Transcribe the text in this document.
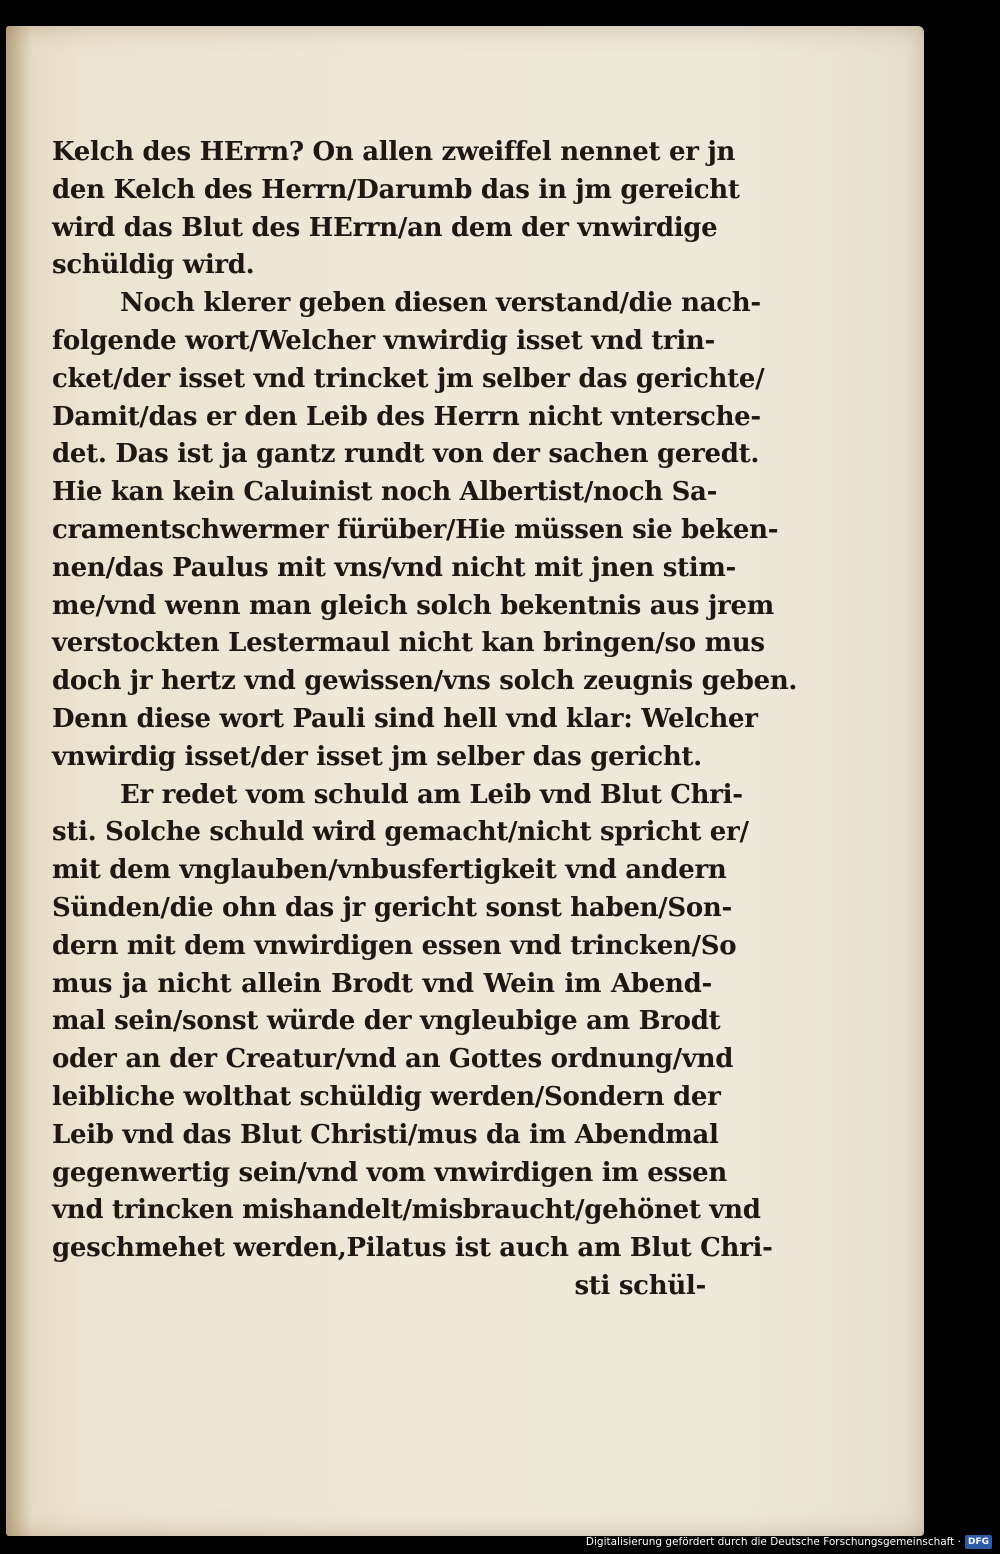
Kelch des HErrn? On allen zweiffel nennet er jn
den Kelch des Herrn/Darumb das in jm gereicht
wird das Blut des HErrn/an dem der vnwirdige
schüldig wird.
Noch klerer geben diesen verstand/die nach-
folgende wort/Welcher vnwirdig isset vnd trin-
cket/der isset vnd trincket jm selber das gerichte/
Damit/das er den Leib des Herrn nicht vntersche-
det. Das ist ja gantz rundt von der sachen geredt.
Hie kan kein Caluinist noch Albertist/noch Sa-
cramentschwermer fürüber/Hie müssen sie beken-
nen/das Paulus mit vns/vnd nicht mit jnen stim-
me/vnd wenn man gleich solch bekentnis aus jrem
verstockten Lestermaul nicht kan bringen/so mus
doch jr hertz vnd gewissen/vns solch zeugnis geben.
Denn diese wort Pauli sind hell vnd klar: Welcher
vnwirdig isset/der isset jm selber das gericht.
Er redet vom schuld am Leib vnd Blut Chri-
sti. Solche schuld wird gemacht/nicht spricht er/
mit dem vnglauben/vnbusfertigkeit vnd andern
Sünden/die ohn das jr gericht sonst haben/Son-
dern mit dem vnwirdigen essen vnd trincken/So
mus ja nicht allein Brodt vnd Wein im Abend-
mal sein/sonst würde der vngleubige am Brodt
oder an der Creatur/vnd an Gottes ordnung/vnd
leibliche wolthat schüldig werden/Sondern der
Leib vnd das Blut Christi/mus da im Abendmal
gegenwertig sein/vnd vom vnwirdigen im essen
vnd trincken mishandelt/misbraucht/gehönet vnd
geschmehet werden,Pilatus ist auch am Blut Chri-
sti schül-
Digitalisierung gefördert durch die Deutsche Forschungsgemeinschaft · DFG
